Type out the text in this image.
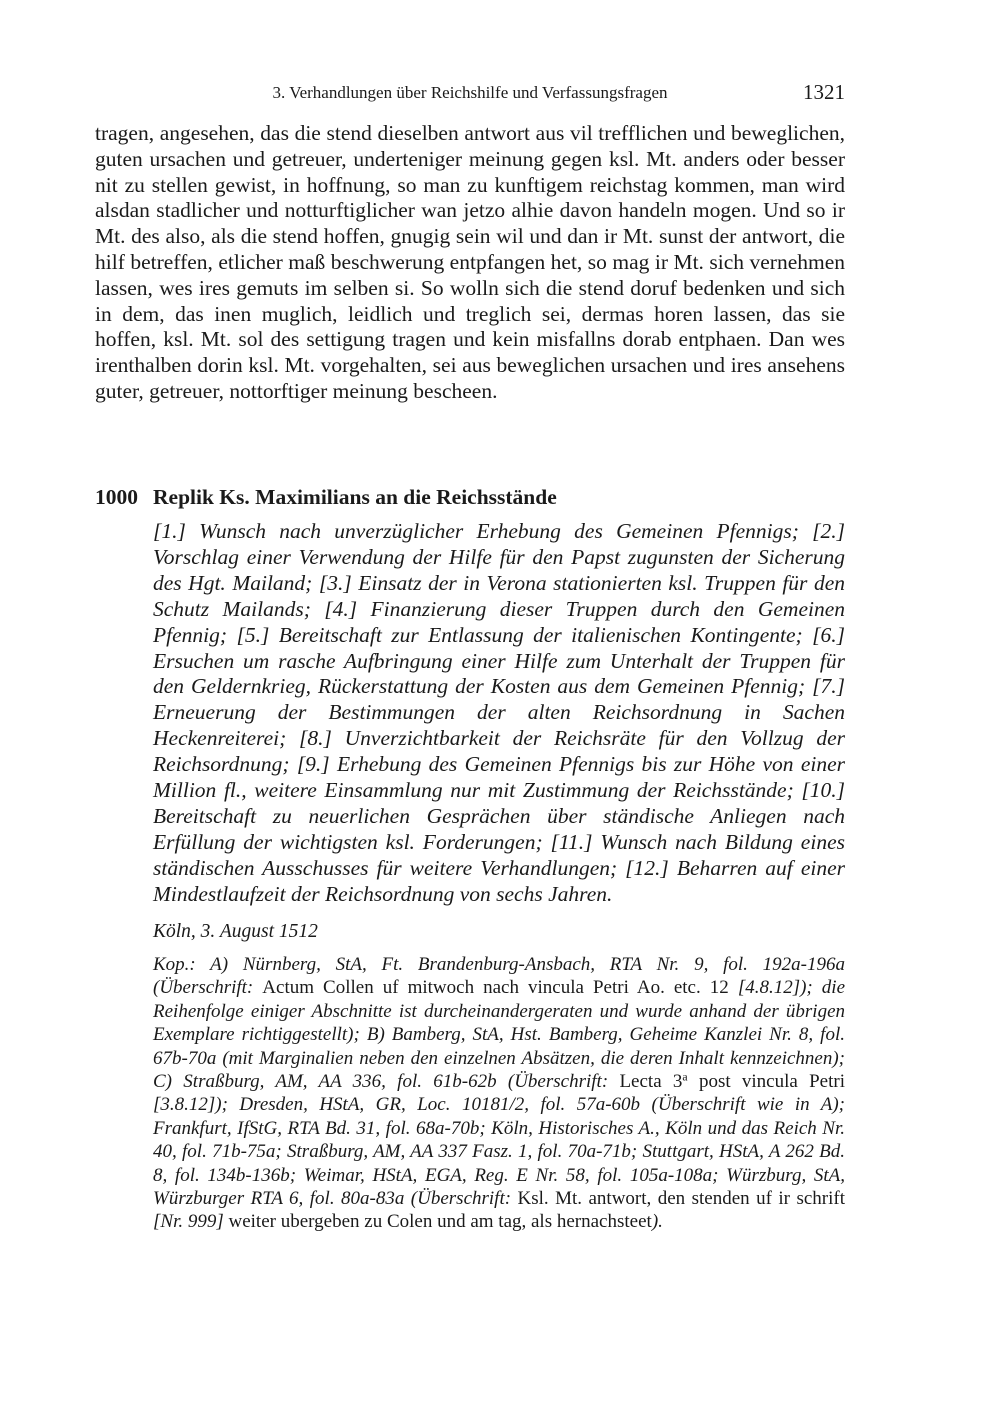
3. Verhandlungen über Reichshilfe und Verfassungsfragen	1321

tragen, angesehen, das die stend dieselben antwort aus vil trefflichen und beweglichen, guten ursachen und getreuer, underteniger meinung gegen ksl. Mt. anders oder besser nit zu stellen gewist, in hoffnung, so man zu kunftigem reichstag kommen, man wird alsdan stadlicher und notturftiglicher wan jetzo alhie davon handeln mogen. Und so ir Mt. des also, als die stend hoffen, gnugig sein wil und dan ir Mt. sunst der antwort, die hilf betreffen, etlicher maß beschwerung entpfangen het, so mag ir Mt. sich vernehmen lassen, wes ires gemuts im selben si. So wolln sich die stend doruf bedenken und sich in dem, das inen muglich, leidlich und treglich sei, dermas horen lassen, das sie hoffen, ksl. Mt. sol des settigung tragen und kein misfallns dorab entphaen. Dan wes irenthalben dorin ksl. Mt. vorgehalten, sei aus beweglichen ursachen und ires ansehens guter, getreuer, nottorftiger meinung bescheen.

1000 Replik Ks. Maximilians an die Reichsstände

[1.] Wunsch nach unverzüglicher Erhebung des Gemeinen Pfennigs; [2.] Vorschlag einer Verwendung der Hilfe für den Papst zugunsten der Sicherung des Hgt. Mailand; [3.] Einsatz der in Verona stationierten ksl. Truppen für den Schutz Mailands; [4.] Finanzierung dieser Truppen durch den Gemeinen Pfennig; [5.] Bereitschaft zur Entlassung der italienischen Kontingente; [6.] Ersuchen um rasche Aufbringung einer Hilfe zum Unterhalt der Truppen für den Geldernkrieg, Rückerstattung der Kosten aus dem Gemeinen Pfennig; [7.] Erneuerung der Bestimmungen der alten Reichsordnung in Sachen Heckenreiterei; [8.] Unverzichtbarkeit der Reichsräte für den Vollzug der Reichsordnung; [9.] Erhebung des Gemeinen Pfennigs bis zur Höhe von einer Million fl., weitere Einsammlung nur mit Zustimmung der Reichsstände; [10.] Bereitschaft zu neuerlichen Gesprächen über ständische Anliegen nach Erfüllung der wichtigsten ksl. Forderungen; [11.] Wunsch nach Bildung eines ständischen Ausschusses für weitere Verhandlungen; [12.] Beharren auf einer Mindestlaufzeit der Reichsordnung von sechs Jahren.

Köln, 3. August 1512

Kop.: A) Nürnberg, StA, Ft. Brandenburg-Ansbach, RTA Nr. 9, fol. 192a-196a (Überschrift: Actum Collen uf mitwoch nach vincula Petri Ao. etc. 12 [4.8.12]); die Reihenfolge einiger Abschnitte ist durcheinandergeraten und wurde anhand der übrigen Exemplare richtiggestellt); B) Bamberg, StA, Hst. Bamberg, Geheime Kanzlei Nr. 8, fol. 67b-70a (mit Marginalien neben den einzelnen Absätzen, die deren Inhalt kennzeichnen); C) Straßburg, AM, AA 336, fol. 61b-62b (Überschrift: Lecta 3$^a$ post vincula Petri [3.8.12]); Dresden, HStA, GR, Loc. 10181/2, fol. 57a-60b (Überschrift wie in A); Frankfurt, IfStG, RTA Bd. 31, fol. 68a-70b; Köln, Historisches A., Köln und das Reich Nr. 40, fol. 71b-75a; Straßburg, AM, AA 337 Fasz. 1, fol. 70a-71b; Stuttgart, HStA, A 262 Bd. 8, fol. 134b-136b; Weimar, HStA, EGA, Reg. E Nr. 58, fol. 105a-108a; Würzburg, StA, Würzburger RTA 6, fol. 80a-83a (Überschrift: Ksl. Mt. antwort, den stenden uf ir schrift [Nr. 999] weiter ubergeben zu Colen und am tag, als hernachsteet).
